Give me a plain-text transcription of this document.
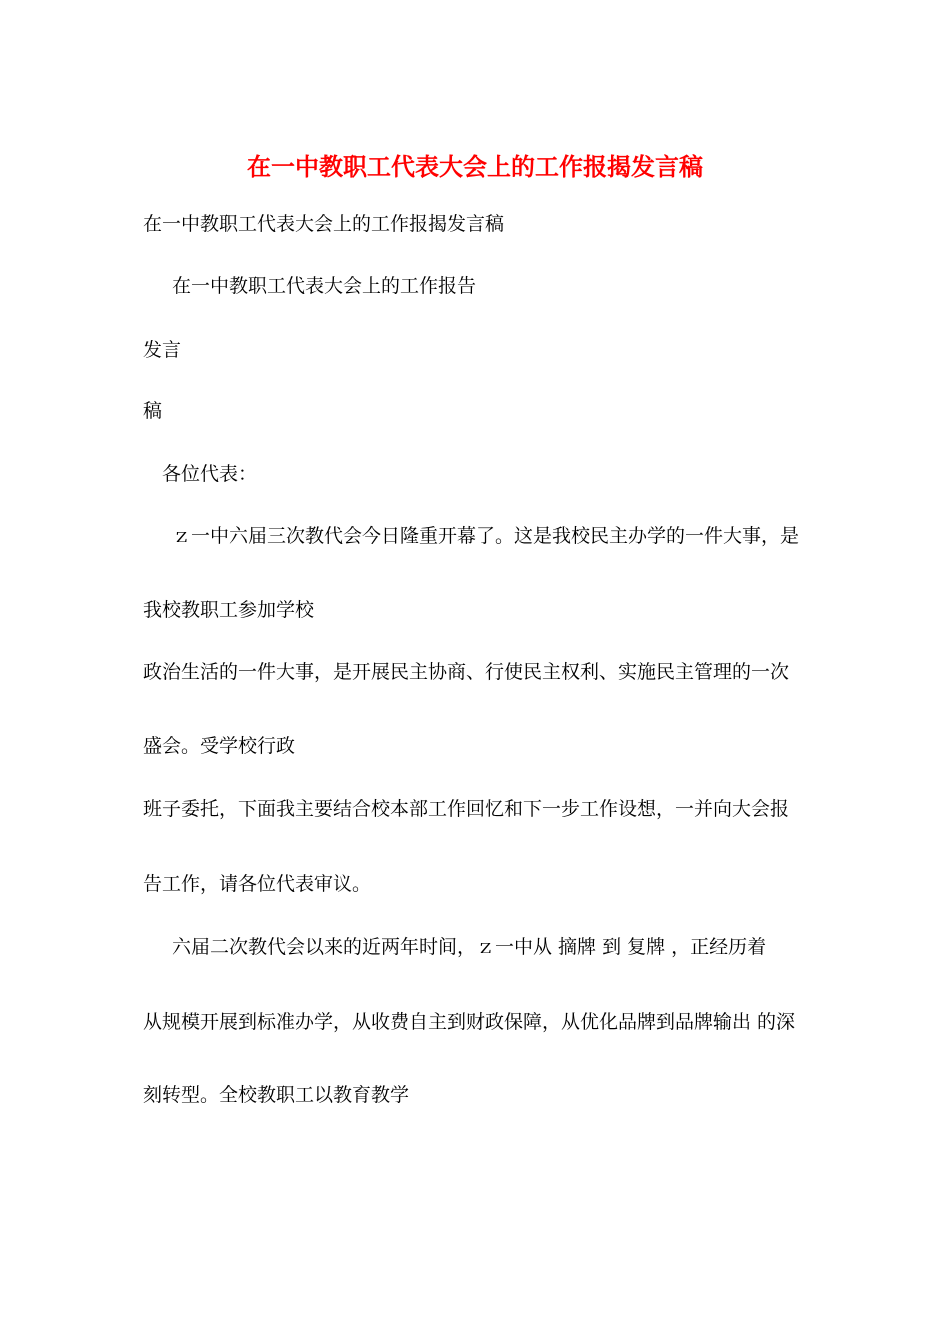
在一中教职工代表大会上的工作报揭发言稿
在一中教职工代表大会上的工作报揭发言稿
在一中教职工代表大会上的工作报告
发言
稿
各位代表：
ｚ一中六届三次教代会今日隆重开幕了。这是我校民主办学的一件大事，是
我校教职工参加学校
政治生活的一件大事，是开展民主协商、行使民主权利、实施民主管理的一次
盛会。受学校行政
班子委托，下面我主要结合校本部工作回忆和下一步工作设想，一并向大会报
告工作，请各位代表审议。
六届二次教代会以来的近两年时间，ｚ一中从 摘牌 到 复牌 ，正经历着
从规模开展到标准办学，从收费自主到财政保障，从优化品牌到品牌输出 的深
刻转型。全校教职工以教育教学
